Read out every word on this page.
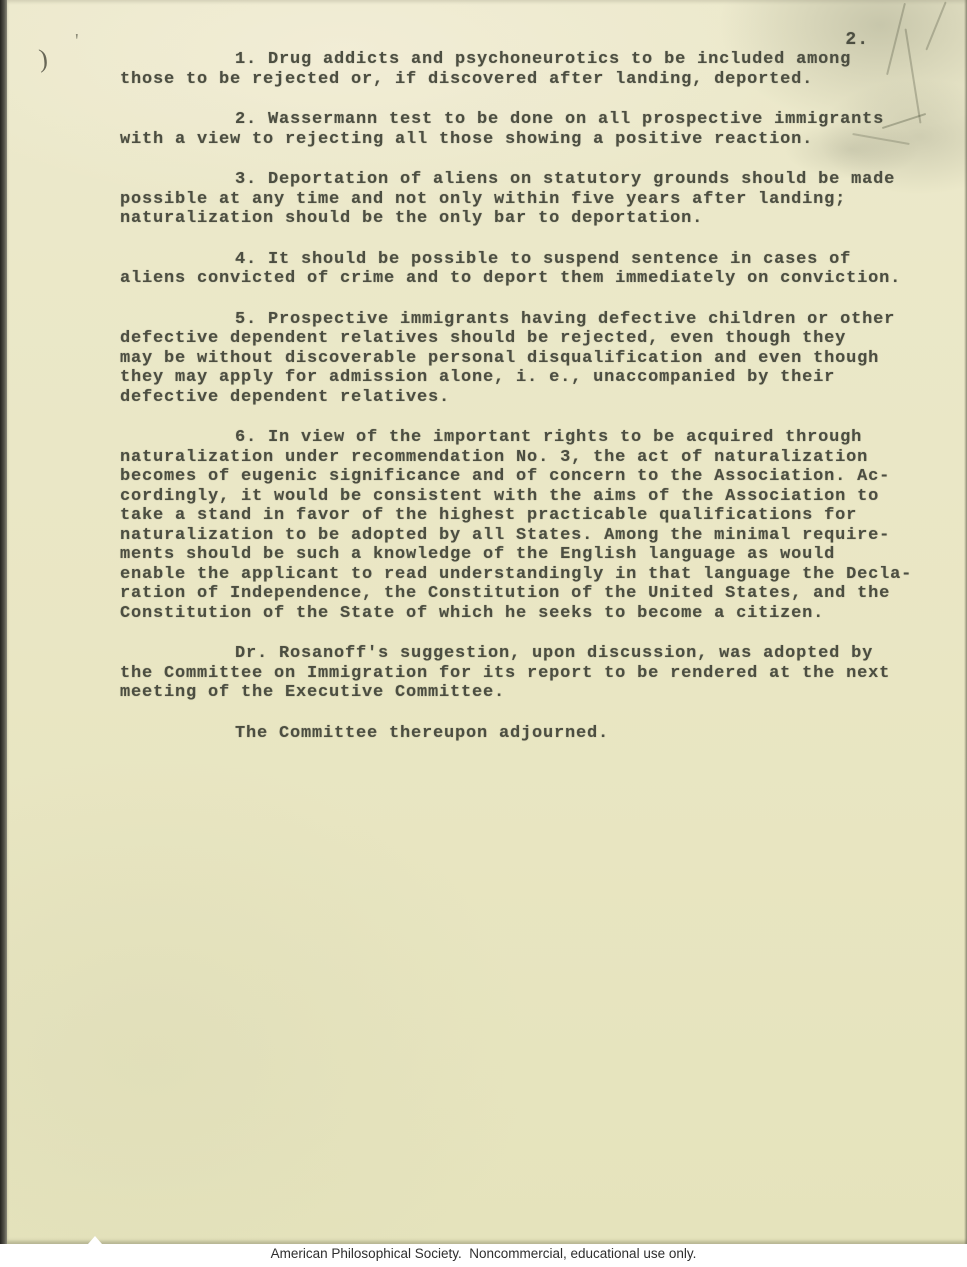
)
'	2.

1. Drug addicts and psychoneurotics to be included among
those to be rejected or, if discovered after landing, deported.

2. Wassermann test to be done on all prospective immigrants
with a view to rejecting all those showing a positive reaction.

3. Deportation of aliens on statutory grounds should be made
possible at any time and not only within five years after landing;
naturalization should be the only bar to deportation.

4. It should be possible to suspend sentence in cases of
aliens convicted of crime and to deport them immediately on conviction.

5. Prospective immigrants having defective children or other
defective dependent relatives should be rejected, even though they
may be without discoverable personal disqualification and even though
they may apply for admission alone, i. e., unaccompanied by their
defective dependent relatives.

6. In view of the important rights to be acquired through
naturalization under recommendation No. 3, the act of naturalization
becomes of eugenic significance and of concern to the Association. Ac-
cordingly, it would be consistent with the aims of the Association to
take a stand in favor of the highest practicable qualifications for
naturalization to be adopted by all States. Among the minimal require-
ments should be such a knowledge of the English language as would
enable the applicant to read understandingly in that language the Decla-
ration of Independence, the Constitution of the United States, and the
Constitution of the State of which he seeks to become a citizen.

Dr. Rosanoff's suggestion, upon discussion, was adopted by
the Committee on Immigration for its report to be rendered at the next
meeting of the Executive Committee.

The Committee thereupon adjourned.

American Philosophical Society.  Noncommercial, educational use only.
